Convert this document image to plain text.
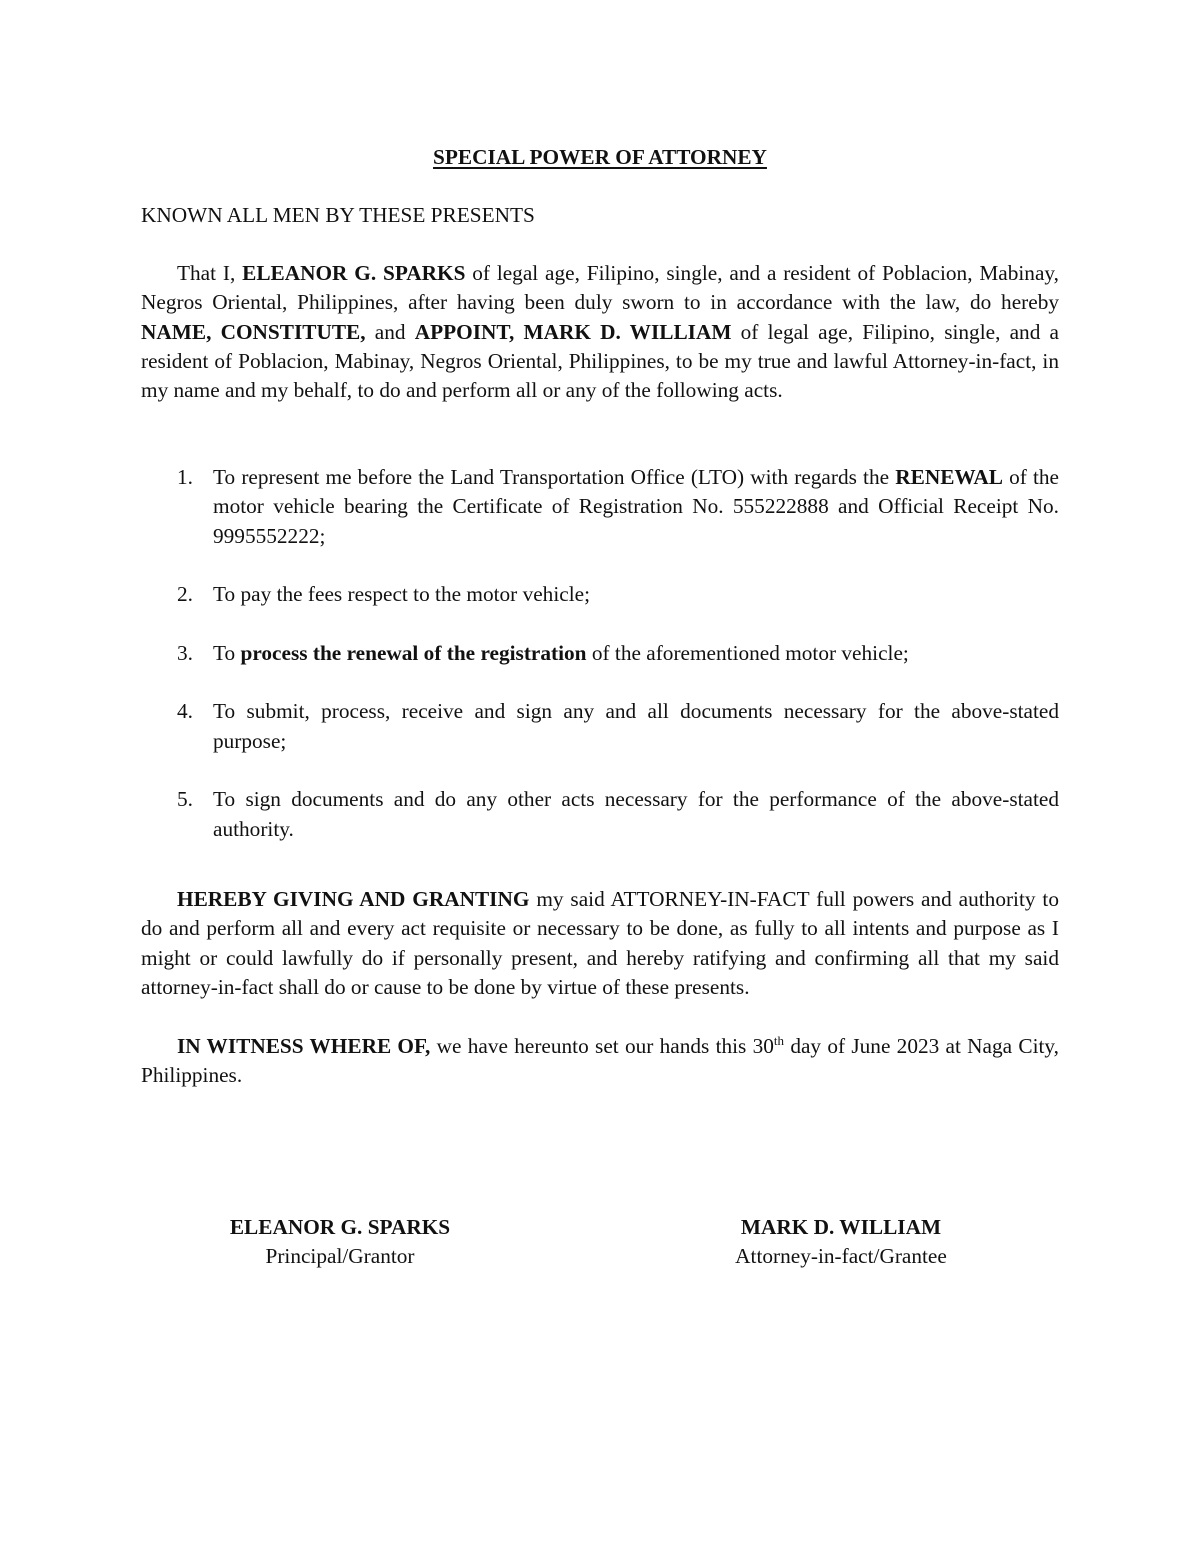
SPECIAL POWER OF ATTORNEY
KNOWN ALL MEN BY THESE PRESENTS
That I, ELEANOR G. SPARKS of legal age, Filipino, single, and a resident of Poblacion, Mabinay, Negros Oriental, Philippines, after having been duly sworn to in accordance with the law, do hereby NAME, CONSTITUTE, and APPOINT, MARK D. WILLIAM of legal age, Filipino, single, and a resident of Poblacion, Mabinay, Negros Oriental, Philippines, to be my true and lawful Attorney-in-fact, in my name and my behalf, to do and perform all or any of the following acts.
1. To represent me before the Land Transportation Office (LTO) with regards the RENEWAL of the motor vehicle bearing the Certificate of Registration No. 555222888 and Official Receipt No. 9995552222;
2. To pay the fees respect to the motor vehicle;
3. To process the renewal of the registration of the aforementioned motor vehicle;
4. To submit, process, receive and sign any and all documents necessary for the above-stated purpose;
5. To sign documents and do any other acts necessary for the performance of the above-stated authority.
HEREBY GIVING AND GRANTING my said ATTORNEY-IN-FACT full powers and authority to do and perform all and every act requisite or necessary to be done, as fully to all intents and purpose as I might or could lawfully do if personally present, and hereby ratifying and confirming all that my said attorney-in-fact shall do or cause to be done by virtue of these presents.
IN WITNESS WHERE OF, we have hereunto set our hands this 30th day of June 2023 at Naga City, Philippines.
ELEANOR G. SPARKS
Principal/Grantor
MARK D. WILLIAM
Attorney-in-fact/Grantee
